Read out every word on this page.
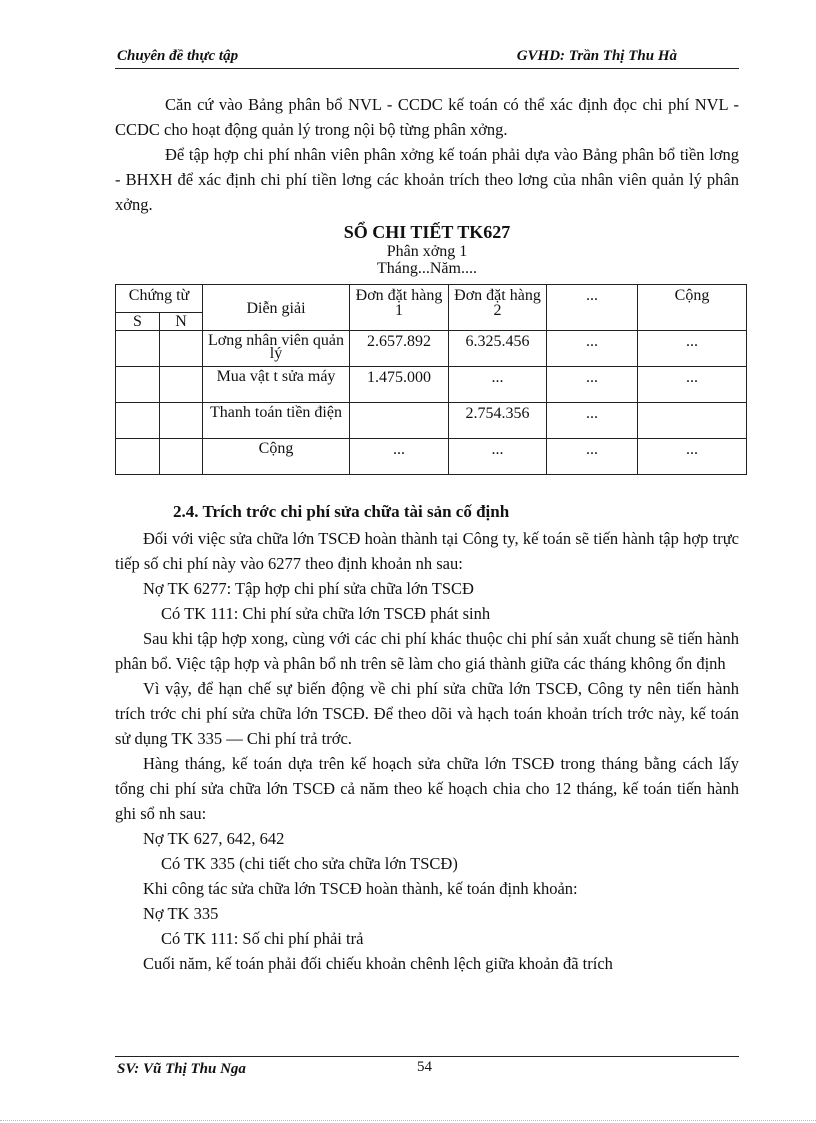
Chuyên đề thực tập	GVHD: Trần Thị Thu Hà

Căn cứ vào Bảng phân bổ NVL - CCDC kế toán có thể xác định đọc chi phí NVL - CCDC cho hoạt động quản lý trong nội bộ từng phân xởng.

Để tập hợp chi phí nhân viên phân xởng kế toán phải dựa vào Bảng phân bổ tiền lơng - BHXH để xác định chi phí tiền lơng các khoản trích theo lơng của nhân viên quản lý phân xởng.

SỔ CHI TIẾT TK627
Phân xởng 1
Tháng...Năm....
Chứng từ		Diễn giải	Đơn đặt hàng 1	Đơn đặt hàng 2	...	Cộng
S	N					
		Lơng nhân viên quản lý	2.657.892	6.325.456	...	...
		Mua vật t sửa máy	1.475.000	...	...	...
		Thanh toán tiền điện		2.754.356	...	
		Cộng	...	...	...	...
2.4. Trích trớc chi phí sửa chữa tài sản cố định

Đối với việc sửa chữa lớn TSCĐ hoàn thành tại Công ty, kế toán sẽ tiến hành tập hợp trực tiếp số chi phí này vào 6277 theo định khoản nh sau:

Nợ TK 6277: Tập hợp chi phí sửa chữa lớn TSCĐ

Có TK 111: Chi phí sửa chữa lớn TSCĐ phát sinh

Sau khi tập hợp xong, cùng với các chi phí khác thuộc chi phí sản xuất chung sẽ tiến hành phân bổ. Việc tập hợp và phân bổ nh trên sẽ làm cho giá thành giữa các tháng không ổn định

Vì vậy, để hạn chế sự biến động về chi phí sửa chữa lớn TSCĐ, Công ty nên tiến hành trích trớc chi phí sửa chữa lớn TSCĐ. Để theo dõi và hạch toán khoản trích trớc này, kế toán sử dụng TK 335 — Chi phí trả trớc.

Hàng tháng, kế toán dựa trên kế hoạch sửa chữa lớn TSCĐ trong tháng bằng cách lấy tổng chi phí sửa chữa lớn TSCĐ cả năm theo kế hoạch chia cho 12 tháng, kế toán tiến hành ghi sổ nh sau:

Nợ TK 627, 642, 642

Có TK 335 (chi tiết cho sửa chữa lớn TSCĐ)

Khi công tác sửa chữa lớn TSCĐ hoàn thành, kế toán định khoản:

Nợ TK 335

Có TK 111: Số chi phí phải trả

Cuối năm, kế toán phải đối chiếu khoản chênh lệch giữa khoản đã trích

SV: Vũ Thị Thu Nga	54
